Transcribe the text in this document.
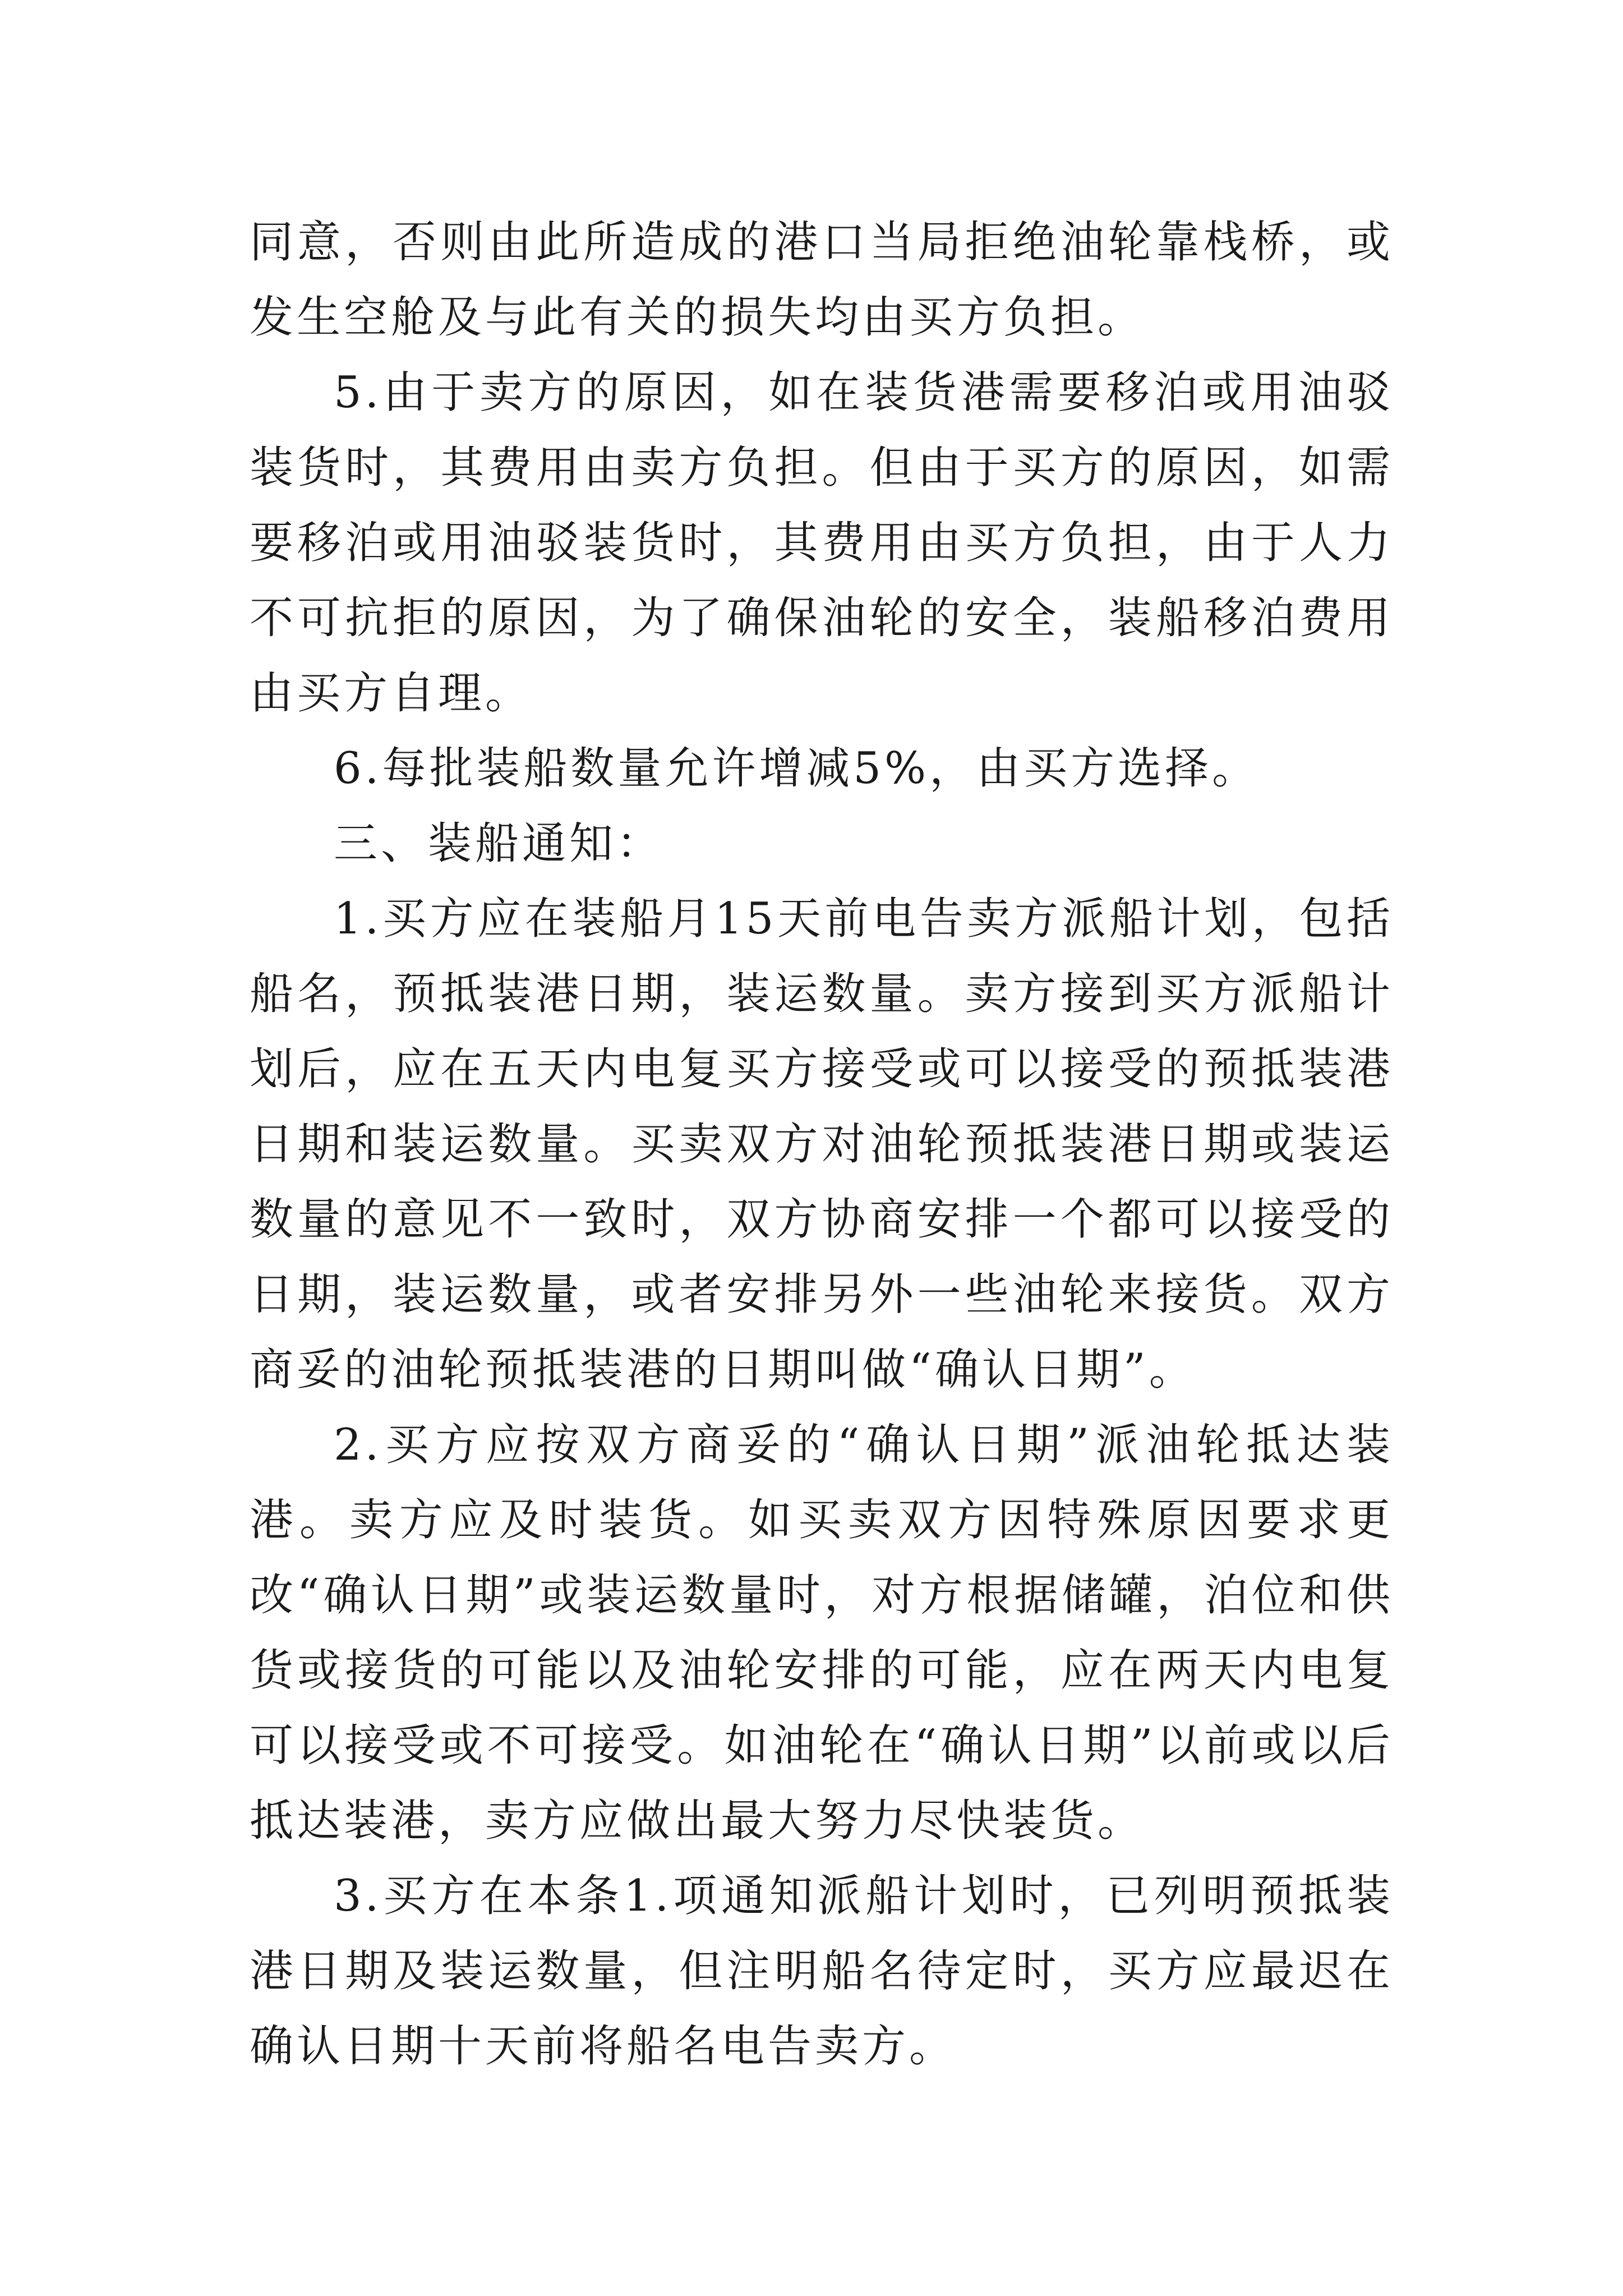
同意，否则由此所造成的港口当局拒绝油轮靠栈桥，或发生空舱及与此有关的损失均由买方负担。

5.由于卖方的原因，如在装货港需要移泊或用油驳装货时，其费用由卖方负担。但由于买方的原因，如需要移泊或用油驳装货时，其费用由买方负担，由于人力不可抗拒的原因，为了确保油轮的安全，装船移泊费用由买方自理。

6.每批装船数量允许增减5%，由买方选择。

三、装船通知：

1.买方应在装船月15天前电告卖方派船计划，包括船名，预抵装港日期，装运数量。卖方接到买方派船计划后，应在五天内电复买方接受或可以接受的预抵装港日期和装运数量。买卖双方对油轮预抵装港日期或装运数量的意见不一致时，双方协商安排一个都可以接受的日期，装运数量，或者安排另外一些油轮来接货。双方商妥的油轮预抵装港的日期叫做“确认日期”。

2.买方应按双方商妥的“确认日期”派油轮抵达装港。卖方应及时装货。如买卖双方因特殊原因要求更改“确认日期”或装运数量时，对方根据储罐，泊位和供货或接货的可能以及油轮安排的可能，应在两天内电复可以接受或不可接受。如油轮在“确认日期”以前或以后抵达装港，卖方应做出最大努力尽快装货。

3.买方在本条1.项通知派船计划时，已列明预抵装港日期及装运数量，但注明船名待定时，买方应最迟在确认日期十天前将船名电告卖方。
